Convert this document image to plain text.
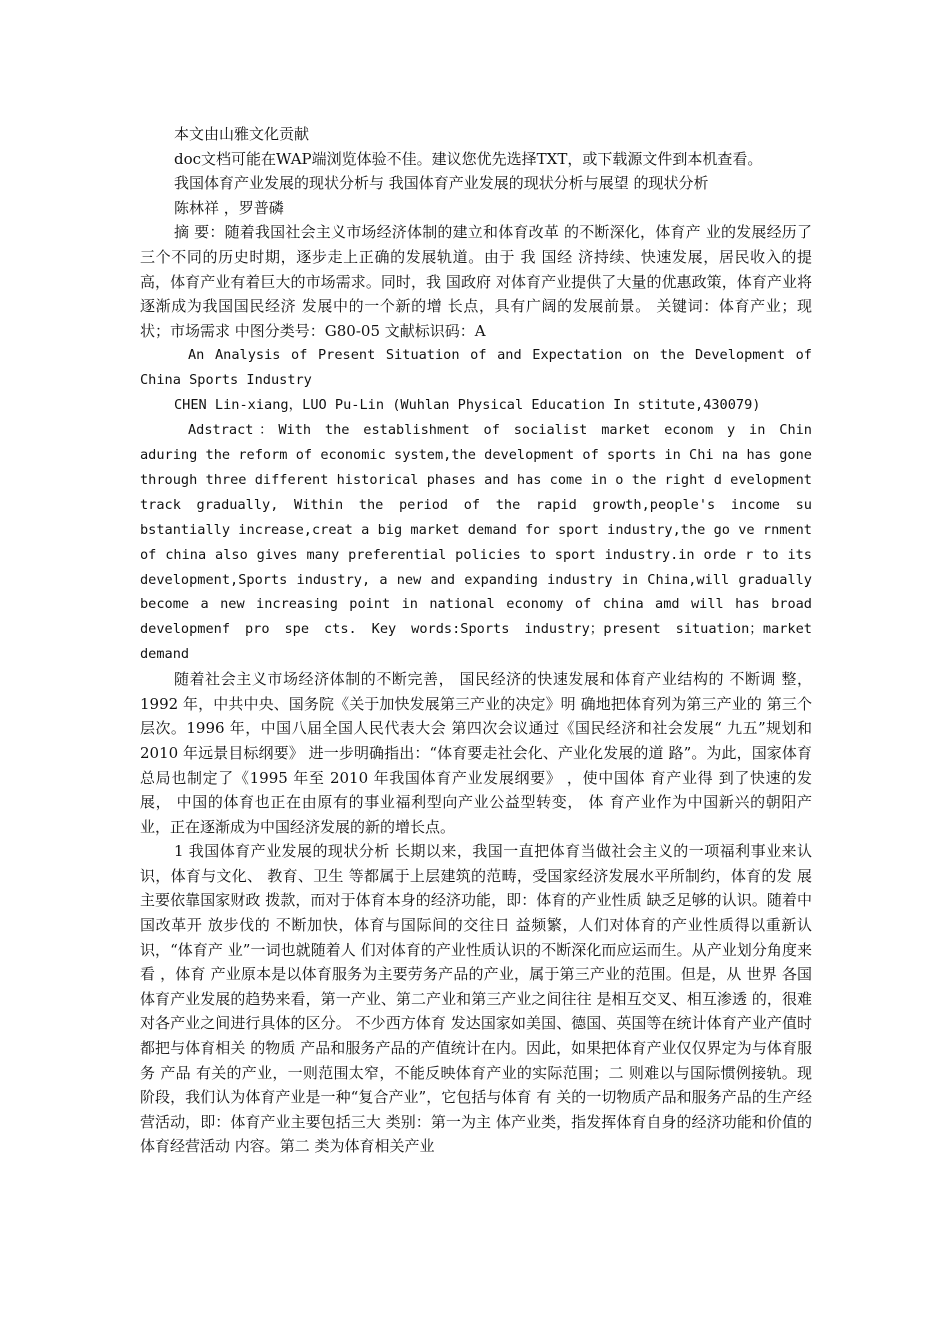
本文由山雅文化贡献

doc文档可能在WAP端浏览体验不佳。建议您优先选择TXT，或下载源文件到本机查看。

我国体育产业发展的现状分析与 我国体育产业发展的现状分析与展望 的现状分析

陈林祥 ，罗普磷

摘 要：随着我国社会主义市场经济体制的建立和体育改革 的不断深化，体育产 业的发展经历了三个不同的历史时期，逐步走上正确的发展轨道。由于 我 国经 济持续、快速发展，居民收入的提高，体育产业有着巨大的市场需求。同时，我 国政府 对体育产业提供了大量的优惠政策，体育产业将逐渐成为我国国民经济 发展中的一个新的增 长点，具有广阔的发展前景。 关键词：体育产业；现状；市场需求 中图分类号：G80-05 文献标识码：A

An Analysis of Present Situation of and Expectation on the Development of China Sports Industry

CHEN Lin-xiang，LUO Pu-Lin (Wuhlan Physical Education In stitute,430079)

Adstract：With the establishment of socialist market econom y in Chin aduring the reform of economic system,the development of sports in Chi na has gone through three different historical phases and has come in o the right d evelopment track gradually, Within the period of the rapid growth,people's income su bstantially increase,creat a big market demand for sport industry,the go ve rnment of china also gives many preferential policies to sport industry.in orde r to its development,Sports industry, a new and expanding industry in China,will gradually become a new increasing point in national economy of china amd will has broad developmenf pro spe cts. Key words:Sports industry；present situation；market demand

随着社会主义市场经济体制的不断完善， 国民经济的快速发展和体育产业结构的 不断调 整， 1992 年，中共中央、国务院《关于加快发展第三产业的决定》明 确地把体育列为第三产业的 第三个层次。1996 年，中国八届全国人民代表大会 第四次会议通过《国民经济和社会发展“ 九五”规划和 2010 年远景目标纲要》 进一步明确指出：“体育要走社会化、产业化发展的道 路”。为此，国家体育 总局也制定了《1995 年至 2010 年我国体育产业发展纲要》 ，使中国体 育产业得 到了快速的发展， 中国的体育也正在由原有的事业福利型向产业公益型转变， 体 育产业作为中国新兴的朝阳产业，正在逐渐成为中国经济发展的新的增长点。

1 我国体育产业发展的现状分析 长期以来，我国一直把体育当做社会主义的一项福利事业来认识，体育与文化、 教育、卫生 等都属于上层建筑的范畴，受国家经济发展水平所制约，体育的发 展主要依靠国家财政 拨款，而对于体育本身的经济功能，即：体育的产业性质 缺乏足够的认识。随着中国改革开 放步伐的 不断加快，体育与国际间的交往日 益频繁，人们对体育的产业性质得以重新认识，“体育产 业”一词也就随着人 们对体育的产业性质认识的不断深化而应运而生。从产业划分角度来看 ，体育 产业原本是以体育服务为主要劳务产品的产业，属于第三产业的范围。但是，从 世界 各国体育产业发展的趋势来看，第一产业、第二产业和第三产业之间往往 是相互交叉、相互渗透 的，很难对各产业之间进行具体的区分。 不少西方体育 发达国家如美国、德国、英国等在统计体育产业产值时都把与体育相关 的物质 产品和服务产品的产值统计在内。因此，如果把体育产业仅仅界定为与体育服务 产品 有关的产业，一则范围太窄，不能反映体育产业的实际范围；二 则难以与国际惯例接轨。现阶段，我们认为体育产业是一种“复合产业”，它包括与体育 有 关的一切物质产品和服务产品的生产经营活动，即：体育产业主要包括三大 类别：第一为主 体产业类，指发挥体育自身的经济功能和价值的体育经营活动 内容。第二 类为体育相关产业
